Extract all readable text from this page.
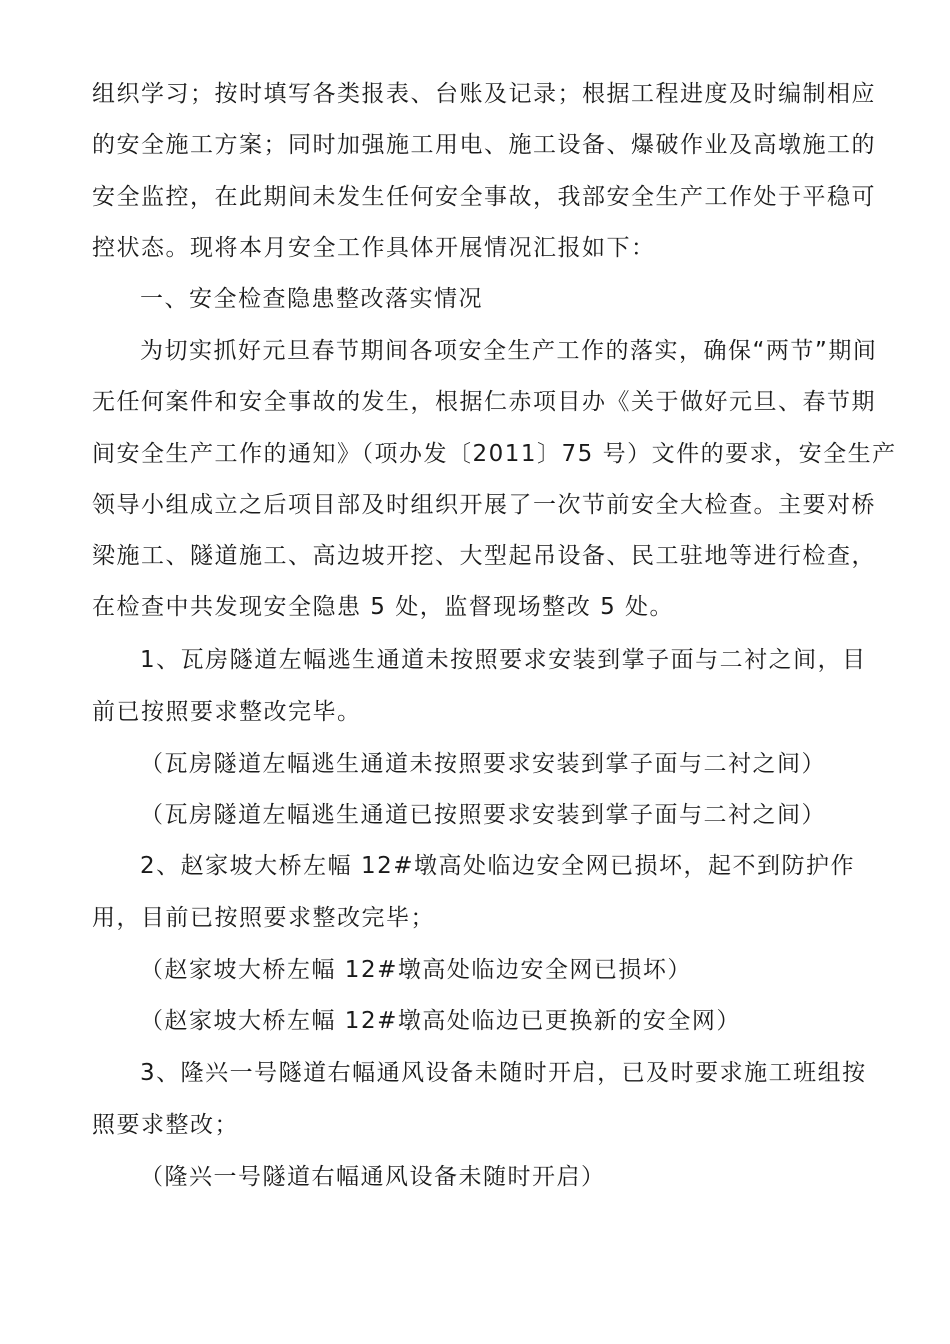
组织学习；按时填写各类报表、台账及记录；根据工程进度及时编制相应
的安全施工方案；同时加强施工用电、施工设备、爆破作业及高墩施工的
安全监控，在此期间未发生任何安全事故，我部安全生产工作处于平稳可
控状态。现将本月安全工作具体开展情况汇报如下：
一、安全检查隐患整改落实情况
为切实抓好元旦春节期间各项安全生产工作的落实，确保“两节”期间
无任何案件和安全事故的发生，根据仁赤项目办《关于做好元旦、春节期
间安全生产工作的通知》（项办发〔2011〕75 号）文件的要求，安全生产
领导小组成立之后项目部及时组织开展了一次节前安全大检查。主要对桥
梁施工、隧道施工、高边坡开挖、大型起吊设备、民工驻地等进行检查，
在检查中共发现安全隐患 5 处，监督现场整改 5 处。
1、瓦房隧道左幅逃生通道未按照要求安装到掌子面与二衬之间，目
前已按照要求整改完毕。
（瓦房隧道左幅逃生通道未按照要求安装到掌子面与二衬之间）
（瓦房隧道左幅逃生通道已按照要求安装到掌子面与二衬之间）
2、赵家坡大桥左幅 12#墩高处临边安全网已损坏，起不到防护作
用，目前已按照要求整改完毕；
（赵家坡大桥左幅 12#墩高处临边安全网已损坏）
（赵家坡大桥左幅 12#墩高处临边已更换新的安全网）
3、隆兴一号隧道右幅通风设备未随时开启，已及时要求施工班组按
照要求整改；
（隆兴一号隧道右幅通风设备未随时开启）
